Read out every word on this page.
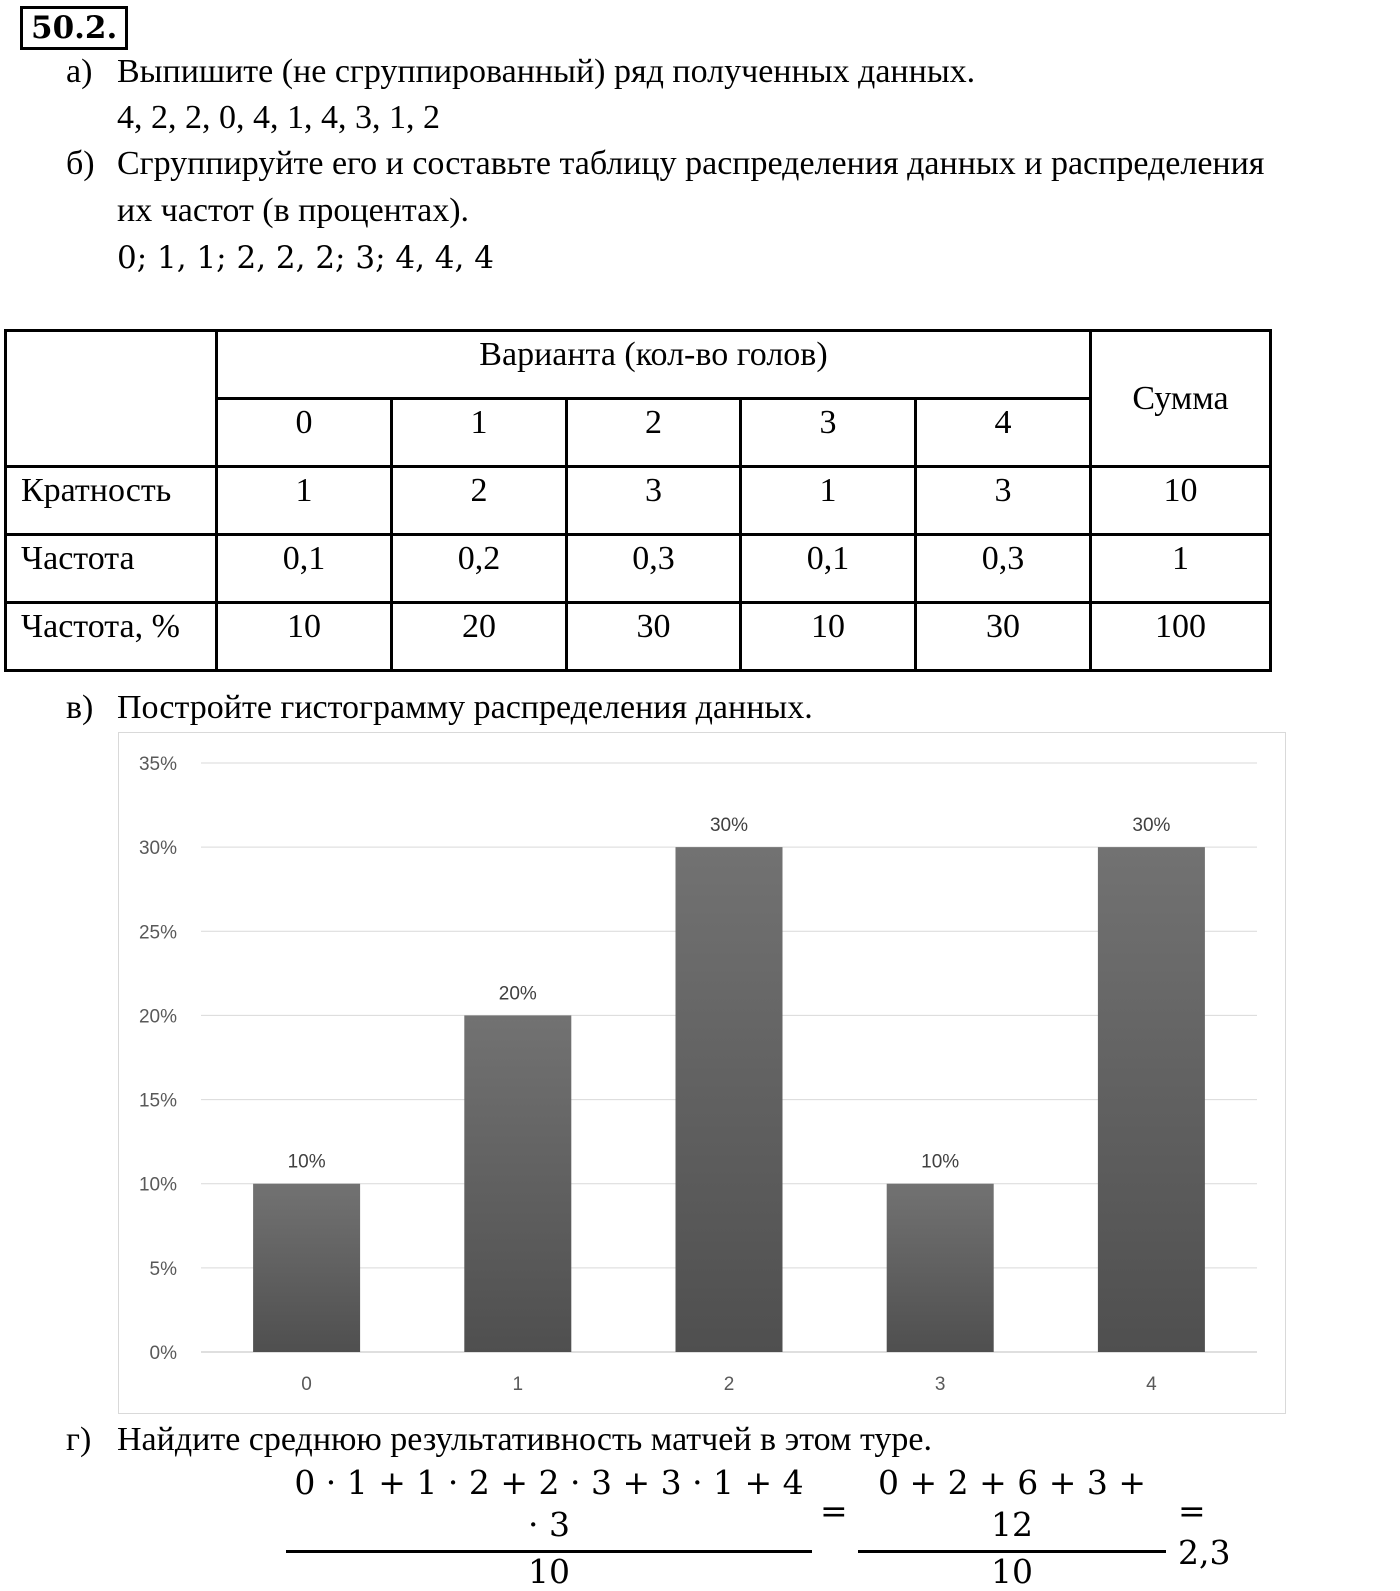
50.2.
а) Выпишите (не сгруппированный) ряд полученных данных.
4, 2, 2, 0, 4, 1, 4, 3, 1, 2
б) Сгруппируйте его и составьте таблицу распределения данных и распределения
их частот (в процентах).
0; 1, 1; 2, 2, 2; 3; 4, 4, 4
	Варианта (кол-во голов)					Сумма
	0	1	2	3	4	
Кратность	1	2	3	1	3	10
Частота	0,1	0,2	0,3	0,1	0,3	1
Частота, %	10	20	30	10	30	100
в) Постройте гистограмму распределения данных.
0%
5%
10%
15%
20%
25%
30%
35%
10%
0
20%
1
30%
2
10%
3
30%
4
г) Найдите среднюю результативность матчей в этом туре.
0 · 1 + 1 · 2 + 2 · 3 + 3 · 1 + 4 · 3
10
=
0 + 2 + 6 + 3 + 12
10
= 2,3
